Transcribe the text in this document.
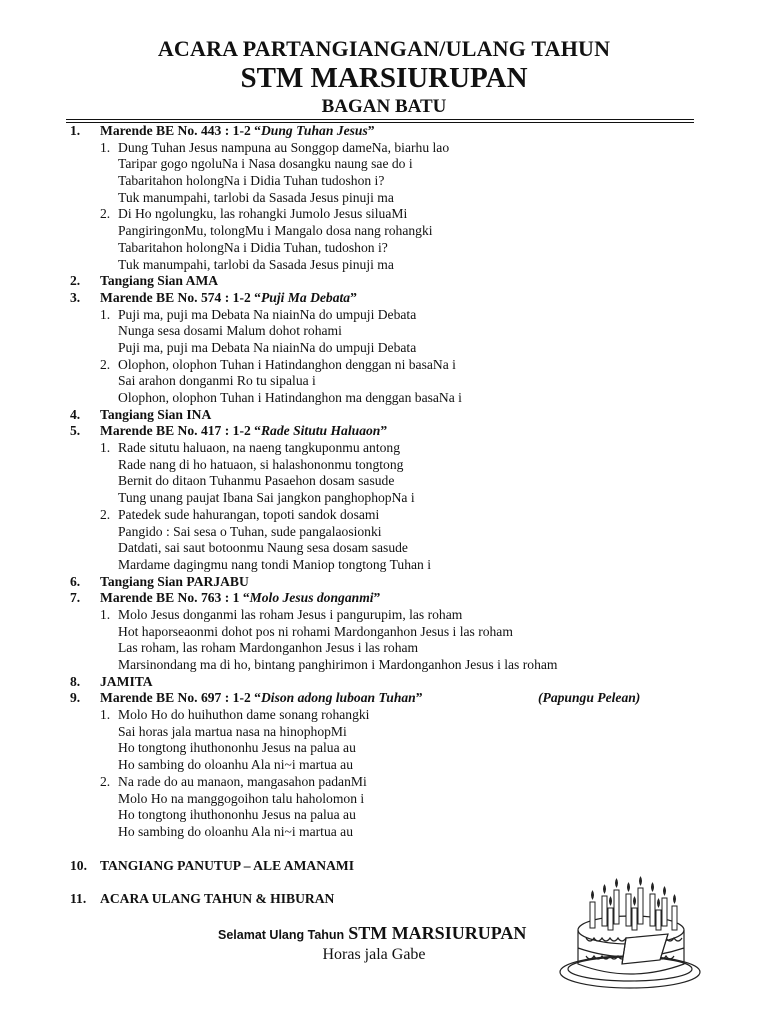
ACARA PARTANGIANGAN/ULANG TAHUN
STM MARSIURUPAN
BAGAN BATU
1. Marende BE No. 443 : 1-2 “Dung Tuhan Jesus”
1. Dung Tuhan Jesus nampuna au Songgop dameNa, biarhu lao
Taripar gogo ngoluNa i Nasa dosangku naung sae do i
Tabaritahon holongNa i Didia Tuhan tudoshon i?
Tuk manumpahi, tarlobi da Sasada Jesus pinuji ma
2. Di Ho ngolungku, las rohangki Jumolo Jesus siluaMi
PangiringonMu, tolongMu i Mangalo dosa nang rohangki
Tabaritahon holongNa i Didia Tuhan, tudoshon i?
Tuk manumpahi, tarlobi da Sasada Jesus pinuji ma
2. Tangiang Sian AMA
3. Marende BE No. 574 : 1-2 “Puji Ma Debata”
1. Puji ma, puji ma Debata Na niainNa do umpuji Debata
Nunga sesa dosami Malum dohot rohami
Puji ma, puji ma Debata Na niainNa do umpuji Debata
2. Olophon, olophon Tuhan i Hatindanghon denggan ni basaNa i
Sai arahon donganmi Ro tu sipalua i
Olophon, olophon Tuhan i Hatindanghon ma denggan basaNa i
4. Tangiang Sian INA
5. Marende BE No. 417 : 1-2 “Rade Situtu Haluaon”
1. Rade situtu haluaon, na naeng tangkuponmu antong
Rade nang di ho hatuaon, si halashononmu tongtong
Bernit do ditaon Tuhanmu Pasaehon dosam sasude
Tung unang paujat Ibana Sai jangkon panghophopNa i
2. Patedek sude hahurangan, topoti sandok dosami
Pangido : Sai sesa o Tuhan, sude pangalaosionki
Datdati, sai saut botoonmu Naung sesa dosam sasude
Mardame dagingmu nang tondi Maniop tongtong Tuhan i
6. Tangiang Sian PARJABU
7. Marende BE No. 763 : 1 “Molo Jesus donganmi”
1. Molo Jesus donganmi las roham Jesus i pangurupim, las roham
Hot haporseaonmi dohot pos ni rohami Mardonganhon Jesus i las roham
Las roham, las roham Mardonganhon Jesus i las roham
Marsinondang ma di ho, bintang panghirimon i Mardonganhon Jesus i las roham
8. JAMITA
9. Marende BE No. 697 : 1-2 “Dison adong luboan Tuhan”	(Papungu Pelean)
1. Molo Ho do huihuthon dame sonang rohangki
Sai horas jala martua nasa na hinophopMi
Ho tongtong ihuthononhu Jesus na palua au
Ho sambing do oloanhu Ala ni~i martua au
2. Na rade do au manaon, mangasahon padanMi
Molo Ho na manggogoihon talu haholomon i
Ho tongtong ihuthononhu Jesus na palua au
Ho sambing do oloanhu Ala ni~i martua au
10. TANGIANG PANUTUP – ALE AMANAMI
11. ACARA ULANG TAHUN & HIBURAN
Selamat Ulang Tahun STM MARSIURUPAN
Horas jala Gabe
